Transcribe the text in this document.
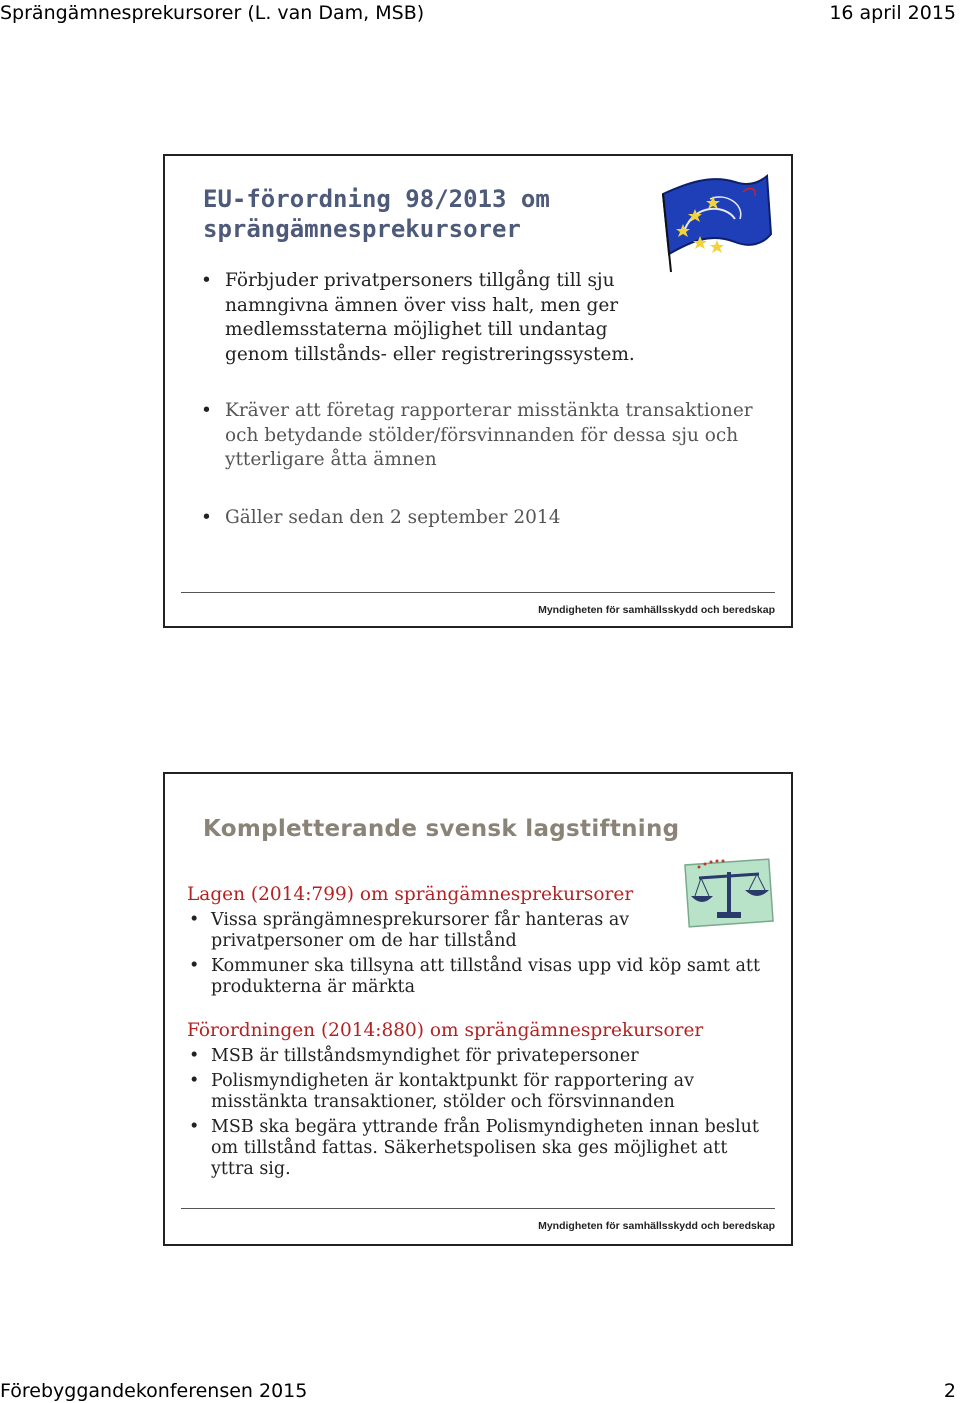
Sprängämnesprekursorer (L. van Dam, MSB)	16 april 2015
EU-förordning 98/2013 om
sprängämnesprekursorer
• Förbjuder privatpersoners tillgång till sju namngivna ämnen över viss halt, men ger medlemsstaterna möjlighet till undantag genom tillstånds- eller registreringssystem.
• Kräver att företag rapporterar misstänkta transaktioner och betydande stölder/försvinnanden för dessa sju och ytterligare åtta ämnen
• Gäller sedan den 2 september 2014
Myndigheten för samhällsskydd och beredskap
Kompletterande svensk lagstiftning

Lagen (2014:799) om sprängämnesprekursorer

• Vissa sprängämnesprekursorer får hanteras av privatpersoner om de har tillstånd
• Kommuner ska tillsyna att tillstånd visas upp vid köp samt att produkterna är märkta

Förordningen (2014:880) om sprängämnesprekursorer

• MSB är tillståndsmyndighet för privatepersoner
• Polismyndigheten är kontaktpunkt för rapportering av misstänkta transaktioner, stölder och försvinnanden
• MSB ska begära yttrande från Polismyndigheten innan beslut om tillstånd fattas. Säkerhetspolisen ska ges möjlighet att yttra sig.
Myndigheten för samhällsskydd och beredskap
Förebyggandekonferensen 2015	2
